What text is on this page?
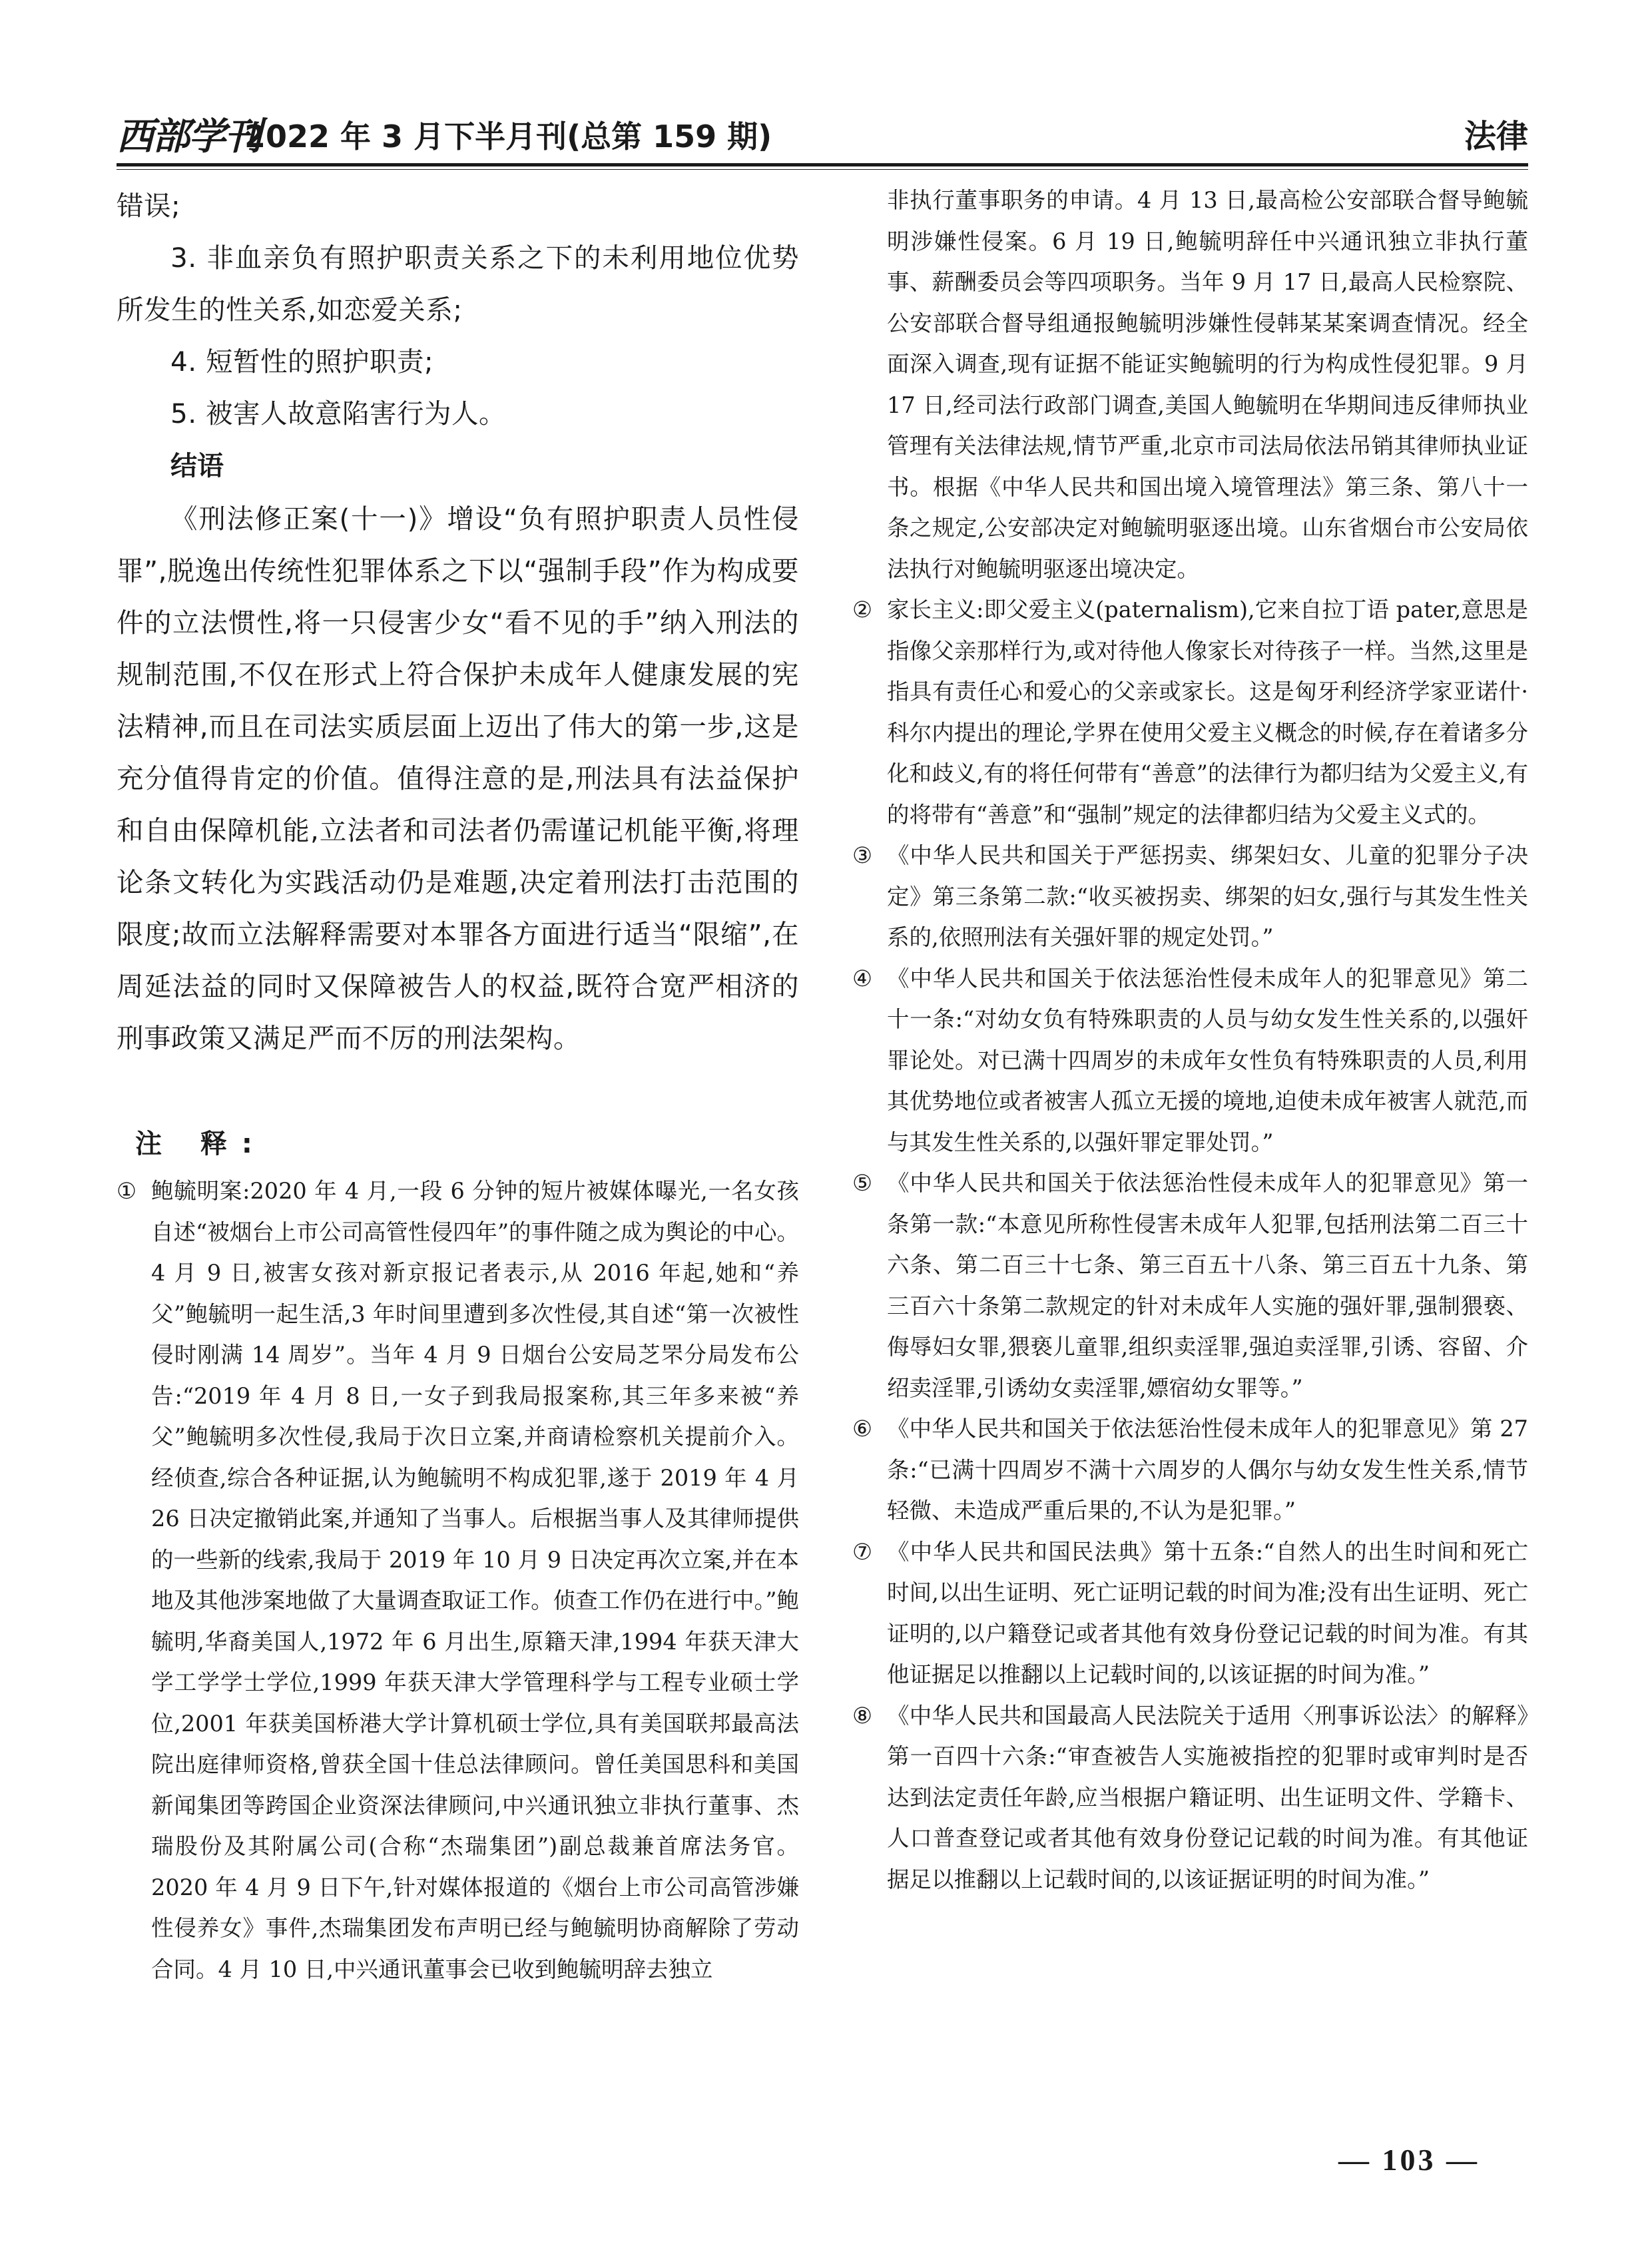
西部学刊
2022 年 3 月下半月刊(总第 159 期)	法律

错误;

3. 非血亲负有照护职责关系之下的未利用地位优势所发生的性关系,如恋爱关系;

4. 短暂性的照护职责;

5. 被害人故意陷害行为人。

结语

《刑法修正案(十一)》增设“负有照护职责人员性侵罪”,脱逸出传统性犯罪体系之下以“强制手段”作为构成要件的立法惯性,将一只侵害少女“看不见的手”纳入刑法的规制范围,不仅在形式上符合保护未成年人健康发展的宪法精神,而且在司法实质层面上迈出了伟大的第一步,这是充分值得肯定的价值。值得注意的是,刑法具有法益保护和自由保障机能,立法者和司法者仍需谨记机能平衡,将理论条文转化为实践活动仍是难题,决定着刑法打击范围的限度;故而立法解释需要对本罪各方面进行适当“限缩”,在周延法益的同时又保障被告人的权益,既符合宽严相济的刑事政策又满足严而不厉的刑法架构。

注 释:

① 鲍毓明案:2020 年 4 月,一段 6 分钟的短片被媒体曝光,一名女孩自述“被烟台上市公司高管性侵四年”的事件随之成为舆论的中心。4 月 9 日,被害女孩对新京报记者表示,从 2016 年起,她和“养父”鲍毓明一起生活,3 年时间里遭到多次性侵,其自述“第一次被性侵时刚满 14 周岁”。当年 4 月 9 日烟台公安局芝罘分局发布公告:“2019 年 4 月 8 日,一女子到我局报案称,其三年多来被“养父”鲍毓明多次性侵,我局于次日立案,并商请检察机关提前介入。经侦查,综合各种证据,认为鲍毓明不构成犯罪,遂于 2019 年 4 月 26 日决定撤销此案,并通知了当事人。后根据当事人及其律师提供的一些新的线索,我局于 2019 年 10 月 9 日决定再次立案,并在本地及其他涉案地做了大量调查取证工作。侦查工作仍在进行中。”鲍毓明,华裔美国人,1972 年 6 月出生,原籍天津,1994 年获天津大学工学学士学位,1999 年获天津大学管理科学与工程专业硕士学位,2001 年获美国桥港大学计算机硕士学位,具有美国联邦最高法院出庭律师资格,曾获全国十佳总法律顾问。曾任美国思科和美国新闻集团等跨国企业资深法律顾问,中兴通讯独立非执行董事、杰瑞股份及其附属公司(合称“杰瑞集团”)副总裁兼首席法务官。2020 年 4 月 9 日下午,针对媒体报道的《烟台上市公司高管涉嫌性侵养女》事件,杰瑞集团发布声明已经与鲍毓明协商解除了劳动合同。4 月 10 日,中兴通讯董事会已收到鲍毓明辞去独立

非执行董事职务的申请。4 月 13 日,最高检公安部联合督导鲍毓明涉嫌性侵案。6 月 19 日,鲍毓明辞任中兴通讯独立非执行董事、薪酬委员会等四项职务。当年 9 月 17 日,最高人民检察院、公安部联合督导组通报鲍毓明涉嫌性侵韩某某案调查情况。经全面深入调查,现有证据不能证实鲍毓明的行为构成性侵犯罪。9 月 17 日,经司法行政部门调查,美国人鲍毓明在华期间违反律师执业管理有关法律法规,情节严重,北京市司法局依法吊销其律师执业证书。根据《中华人民共和国出境入境管理法》第三条、第八十一条之规定,公安部决定对鲍毓明驱逐出境。山东省烟台市公安局依法执行对鲍毓明驱逐出境决定。

② 家长主义:即父爱主义(paternalism),它来自拉丁语 pater,意思是指像父亲那样行为,或对待他人像家长对待孩子一样。当然,这里是指具有责任心和爱心的父亲或家长。这是匈牙利经济学家亚诺什·科尔内提出的理论,学界在使用父爱主义概念的时候,存在着诸多分化和歧义,有的将任何带有“善意”的法律行为都归结为父爱主义,有的将带有“善意”和“强制”规定的法律都归结为父爱主义式的。

③ 《中华人民共和国关于严惩拐卖、绑架妇女、儿童的犯罪分子决定》第三条第二款:“收买被拐卖、绑架的妇女,强行与其发生性关系的,依照刑法有关强奸罪的规定处罚。”

④ 《中华人民共和国关于依法惩治性侵未成年人的犯罪意见》第二十一条:“对幼女负有特殊职责的人员与幼女发生性关系的,以强奸罪论处。对已满十四周岁的未成年女性负有特殊职责的人员,利用其优势地位或者被害人孤立无援的境地,迫使未成年被害人就范,而与其发生性关系的,以强奸罪定罪处罚。”

⑤ 《中华人民共和国关于依法惩治性侵未成年人的犯罪意见》第一条第一款:“本意见所称性侵害未成年人犯罪,包括刑法第二百三十六条、第二百三十七条、第三百五十八条、第三百五十九条、第三百六十条第二款规定的针对未成年人实施的强奸罪,强制猥亵、侮辱妇女罪,猥亵儿童罪,组织卖淫罪,强迫卖淫罪,引诱、容留、介绍卖淫罪,引诱幼女卖淫罪,嫖宿幼女罪等。”

⑥ 《中华人民共和国关于依法惩治性侵未成年人的犯罪意见》第 27 条:“已满十四周岁不满十六周岁的人偶尔与幼女发生性关系,情节轻微、未造成严重后果的,不认为是犯罪。”

⑦ 《中华人民共和国民法典》第十五条:“自然人的出生时间和死亡时间,以出生证明、死亡证明记载的时间为准;没有出生证明、死亡证明的,以户籍登记或者其他有效身份登记记载的时间为准。有其他证据足以推翻以上记载时间的,以该证据的时间为准。”

⑧ 《中华人民共和国最高人民法院关于适用〈刑事诉讼法〉的解释》第一百四十六条:“审查被告人实施被指控的犯罪时或审判时是否达到法定责任年龄,应当根据户籍证明、出生证明文件、学籍卡、人口普查登记或者其他有效身份登记记载的时间为准。有其他证据足以推翻以上记载时间的,以该证据证明的时间为准。”

— 103 —
